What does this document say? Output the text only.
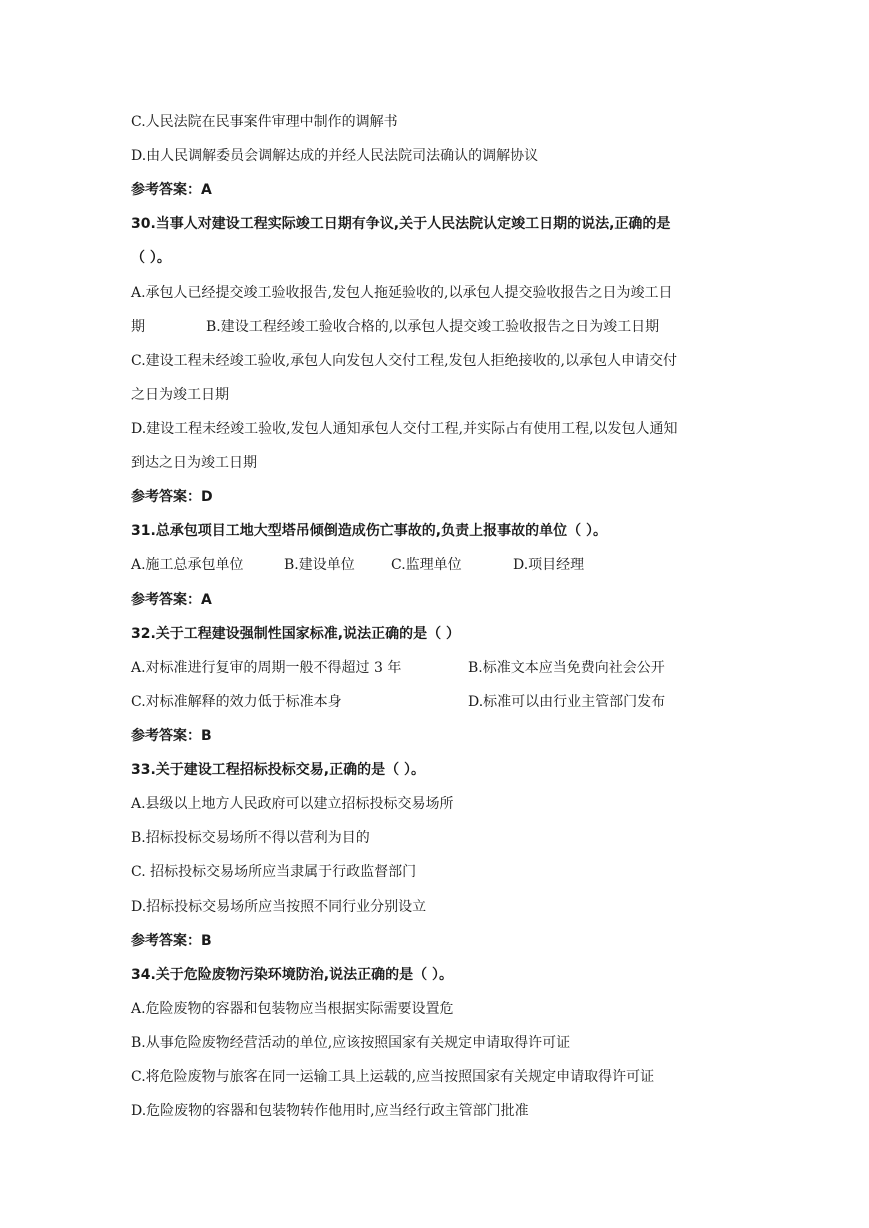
C.人民法院在民事案件审理中制作的调解书
D.由人民调解委员会调解达成的并经人民法院司法确认的调解协议
参考答案：A
30.当事人对建设工程实际竣工日期有争议,关于人民法院认定竣工日期的说法,正确的是
（ ）。
A.承包人已经提交竣工验收报告,发包人拖延验收的,以承包人提交验收报告之日为竣工日
期	B.建设工程经竣工验收合格的,以承包人提交竣工验收报告之日为竣工日期
C.建设工程未经竣工验收,承包人向发包人交付工程,发包人拒绝接收的,以承包人申请交付
之日为竣工日期
D.建设工程未经竣工验收,发包人通知承包人交付工程,并实际占有使用工程,以发包人通知
到达之日为竣工日期
参考答案：D
31.总承包项目工地大型塔吊倾倒造成伤亡事故的,负责上报事故的单位（ ）。
A.施工总承包单位	B.建设单位	C.监理单位	D.项目经理
参考答案：A
32.关于工程建设强制性国家标准,说法正确的是（ ）
A.对标准进行复审的周期一般不得超过 3 年	B.标准文本应当免费向社会公开
C.对标准解释的效力低于标准本身	D.标准可以由行业主管部门发布
参考答案：B
33.关于建设工程招标投标交易,正确的是（ ）。
A.县级以上地方人民政府可以建立招标投标交易场所
B.招标投标交易场所不得以营利为目的
C. 招标投标交易场所应当隶属于行政监督部门
D.招标投标交易场所应当按照不同行业分别设立
参考答案：B
34.关于危险废物污染环境防治,说法正确的是（ ）。
A.危险废物的容器和包装物应当根据实际需要设置危
B.从事危险废物经营活动的单位,应该按照国家有关规定申请取得许可证
C.将危险废物与旅客在同一运输工具上运载的,应当按照国家有关规定申请取得许可证
D.危险废物的容器和包装物转作他用时,应当经行政主管部门批准
